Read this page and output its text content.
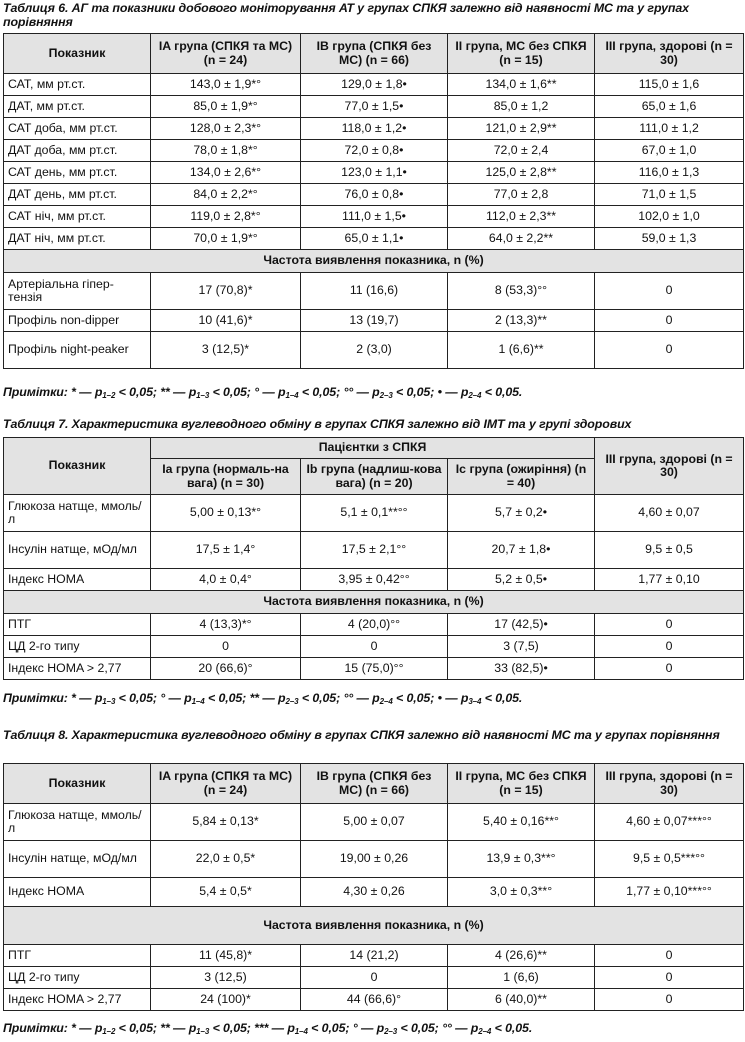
Таблиця 6. АГ та показники добового моніторування АТ у групах СПКЯ залежно від наявності МС та у групах порівняння
Показник	IA група (СПКЯ та МС) (n = 24)	IB група (СПКЯ без МС) (n = 66)	II група, МС без СПКЯ (n = 15)	III група, здорові (n = 30)
САТ, мм рт.ст.	143,0 ± 1,9*°	129,0 ± 1,8•	134,0 ± 1,6**	115,0 ± 1,6
ДАТ, мм рт.ст.	85,0 ± 1,9*°	77,0 ± 1,5•	85,0 ± 1,2	65,0 ± 1,6
САТ доба, мм рт.ст.	128,0 ± 2,3*°	118,0 ± 1,2•	121,0 ± 2,9**	111,0 ± 1,2
ДАТ доба, мм рт.ст.	78,0 ± 1,8*°	72,0 ± 0,8•	72,0 ± 2,4	67,0 ± 1,0
САТ день, мм рт.ст.	134,0 ± 2,6*°	123,0 ± 1,1•	125,0 ± 2,8**	116,0 ± 1,3
ДАТ день, мм рт.ст.	84,0 ± 2,2*°	76,0 ± 0,8•	77,0 ± 2,8	71,0 ± 1,5
САТ ніч, мм рт.ст.	119,0 ± 2,8*°	111,0 ± 1,5•	112,0 ± 2,3**	102,0 ± 1,0
ДАТ ніч, мм рт.ст.	70,0 ± 1,9*°	65,0 ± 1,1•	64,0 ± 2,2**	59,0 ± 1,3
Частота виявлення показника, n (%)				
Артеріальна гіпер-тензія	17 (70,8)*	11 (16,6)	8 (53,3)°°	0
Профіль non-dipper	10 (41,6)*	13 (19,7)	2 (13,3)**	0
Профіль night-peaker	3 (12,5)*	2 (3,0)	1 (6,6)**	0
Примітки: * — $p_{1-2} < 0,05$; ** — $p_{1-3} < 0,05$; ° — $p_{1-4} < 0,05$; °° — $p_{2-3} < 0,05$; • — $p_{2-4} < 0,05$.
Таблиця 7. Характеристика вуглеводного обміну в групах СПКЯ залежно від ІМТ та у групі здорових
Показник	Пацієнтки з СПКЯ			III група, здорові (n = 30)
	Ia група (нормаль-на вага) (n = 30)	Ib група (надлиш-кова вага) (n = 20)	Ic група (ожиріння) (n = 40)	
Глюкоза натще, ммоль/л	5,00 ± 0,13*°	5,1 ± 0,1**°°	5,7 ± 0,2•	4,60 ± 0,07
Інсулін натще, мОд/мл	17,5 ± 1,4°	17,5 ± 2,1°°	20,7 ± 1,8•	9,5 ± 0,5
Індекс HOMA	4,0 ± 0,4°	3,95 ± 0,42°°	5,2 ± 0,5•	1,77 ± 0,10
Частота виявлення показника, n (%)				
ПТГ	4 (13,3)*°	4 (20,0)°°	17 (42,5)•	0
ЦД 2-го типу	0	0	3 (7,5)	0
Індекс HOMA > 2,77	20 (66,6)°	15 (75,0)°°	33 (82,5)•	0
Примітки: * — $p_{1-3} < 0,05$; ° — $p_{1-4} < 0,05$; ** — $p_{2-3} < 0,05$; °° — $p_{2-4} < 0,05$; • — $p_{3-4} < 0,05$.
Таблиця 8. Характеристика вуглеводного обміну в групах СПКЯ залежно від наявності МС та у групах порівняння
Показник	IA група (СПКЯ та МС) (n = 24)	IB група (СПКЯ без МС) (n = 66)	II група, МС без СПКЯ (n = 15)	III група, здорові (n = 30)
Глюкоза натще, ммоль/л	5,84 ± 0,13*	5,00 ± 0,07	5,40 ± 0,16**°	4,60 ± 0,07***°°
Інсулін натще, мОд/мл	22,0 ± 0,5*	19,00 ± 0,26	13,9 ± 0,3**°	9,5 ± 0,5***°°
Індекс HOMA	5,4 ± 0,5*	4,30 ± 0,26	3,0 ± 0,3**°	1,77 ± 0,10***°°
Частота виявлення показника, n (%)				
ПТГ	11 (45,8)*	14 (21,2)	4 (26,6)**	0
ЦД 2-го типу	3 (12,5)	0	1 (6,6)	0
Індекс HOMA > 2,77	24 (100)*	44 (66,6)°	6 (40,0)**	0
Примітки: * — $p_{1-2} < 0,05$; ** — $p_{1-3} < 0,05$; *** — $p_{1-4} < 0,05$; ° — $p_{2-3} < 0,05$; °° — $p_{2-4} < 0,05$.
